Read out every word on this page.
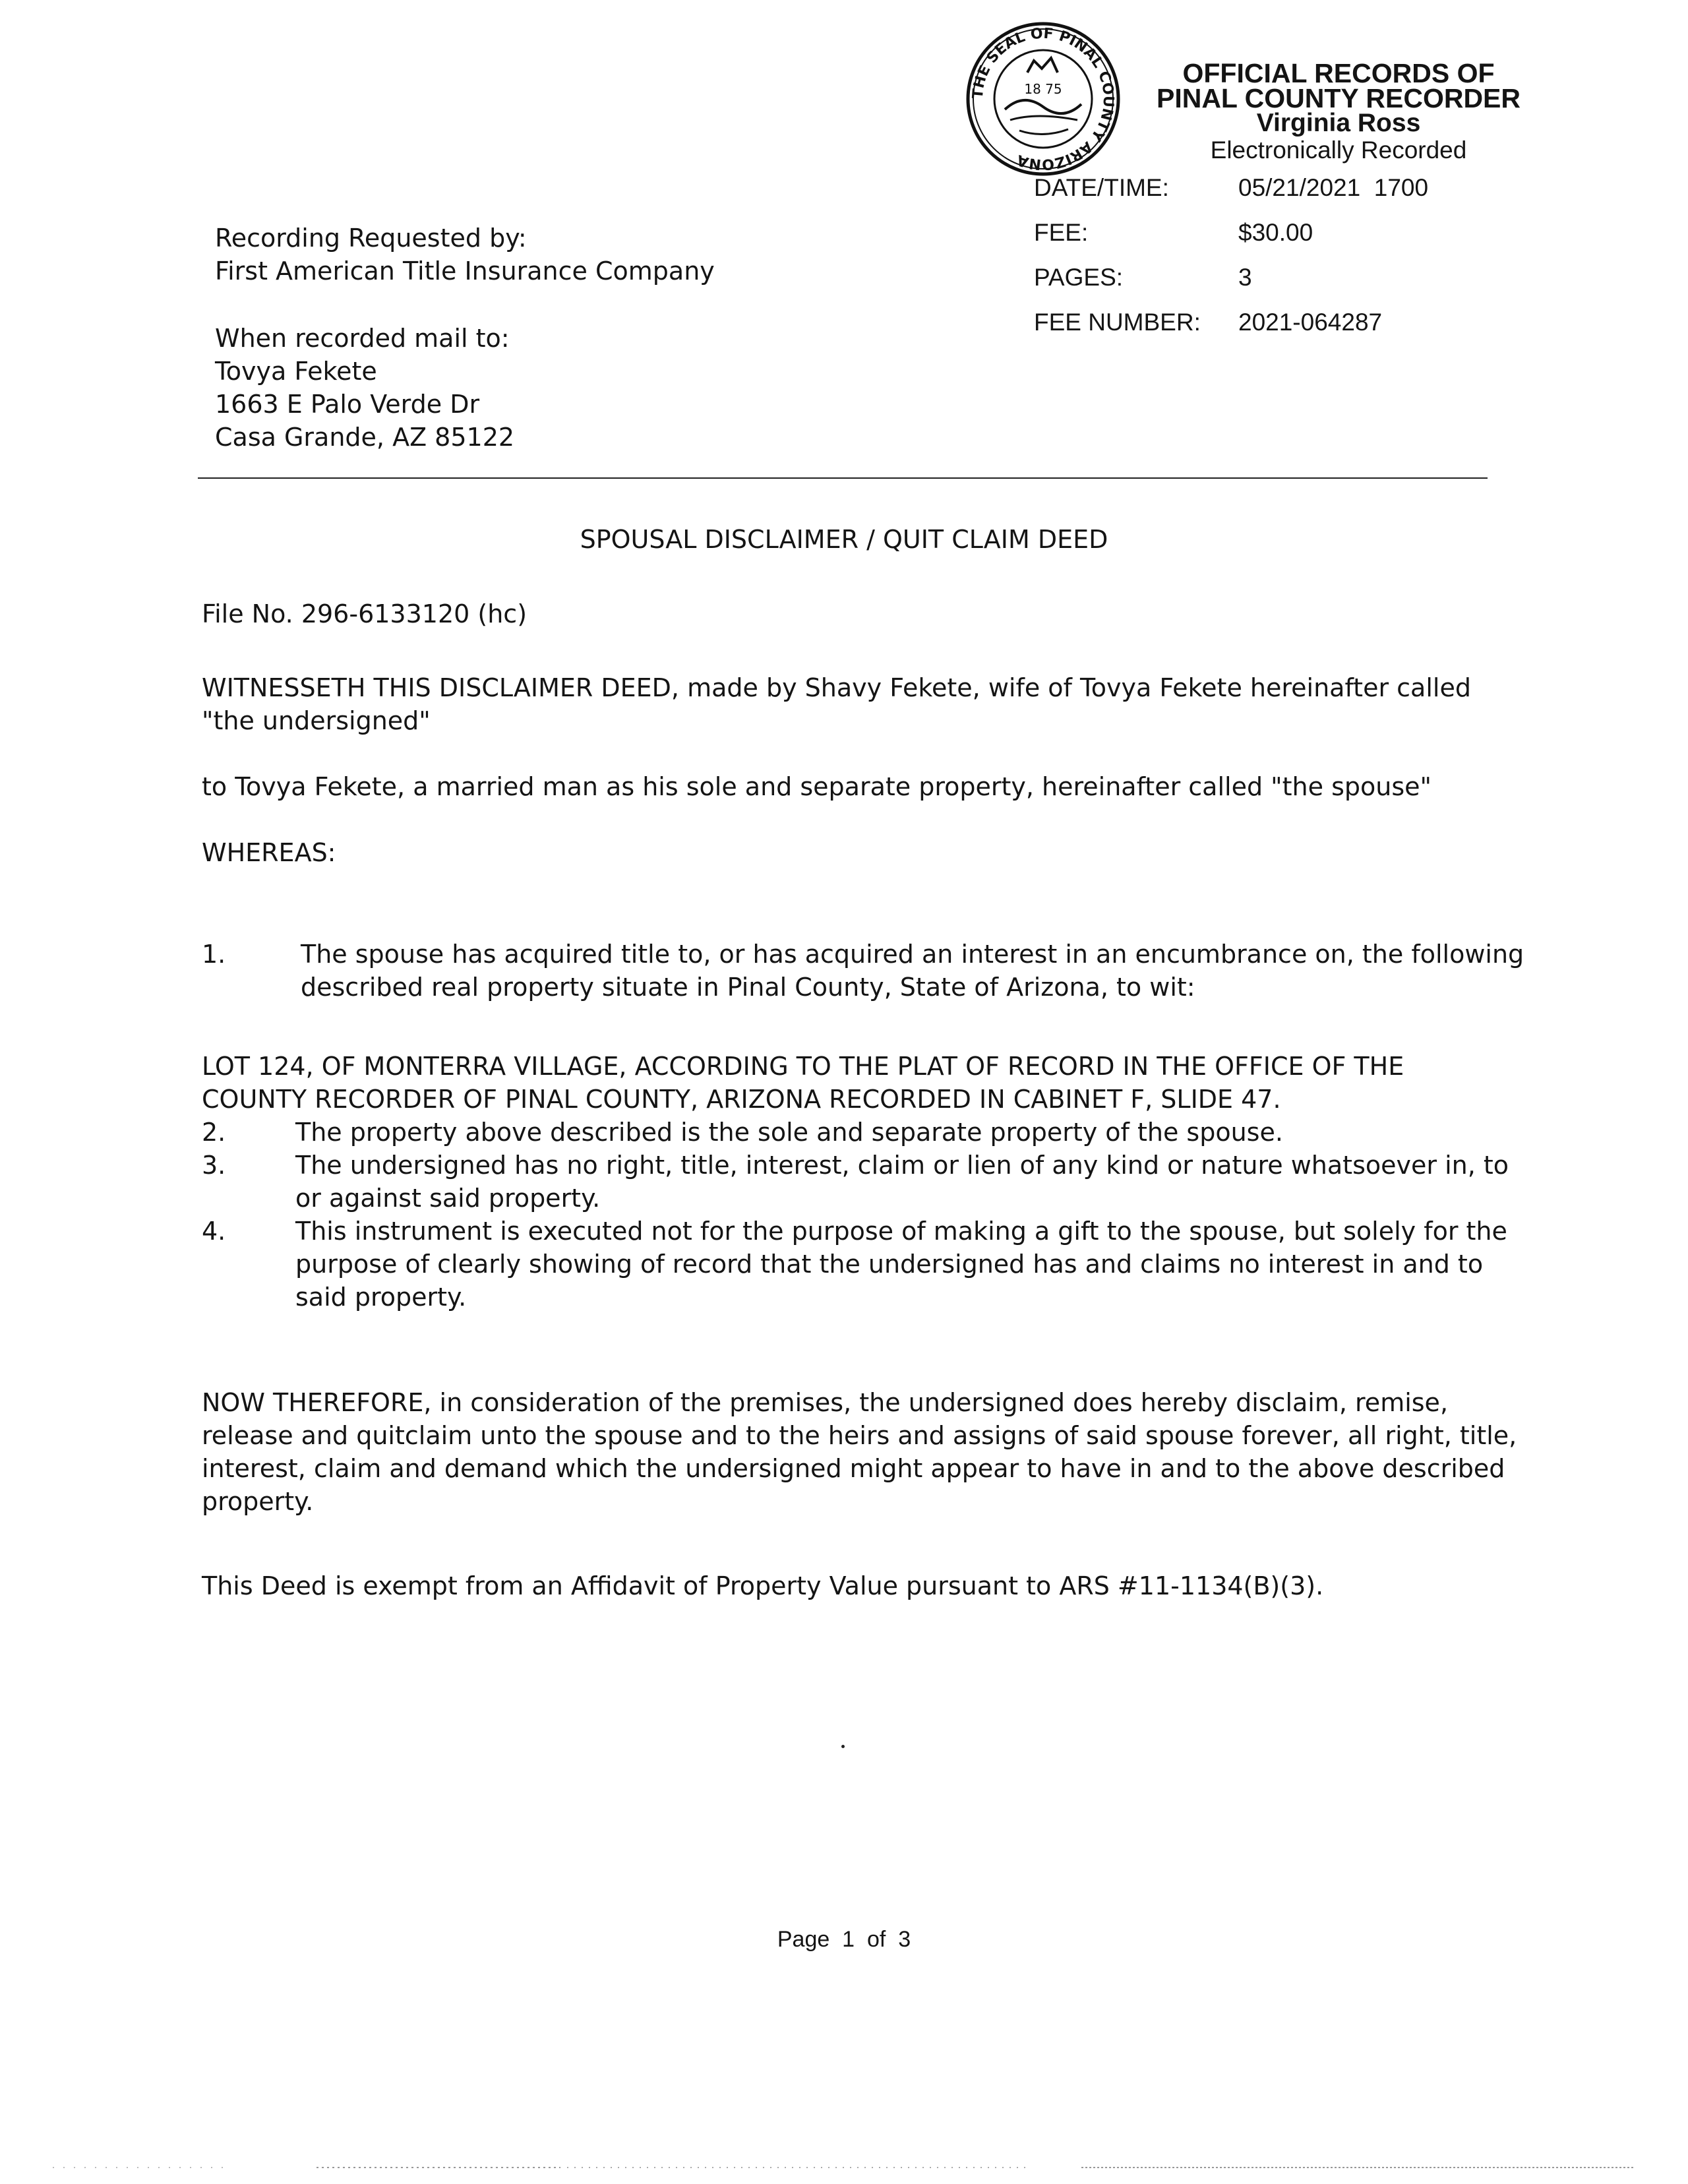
THE SEAL OF PINAL COUNTY ARIZONA
18 75
OFFICIAL RECORDS OF
PINAL COUNTY RECORDER
Virginia Ross
Electronically Recorded
DATE/TIME:	05/21/2021  1700
FEE:	$30.00
PAGES:	3
FEE NUMBER: 2021-064287
Recording Requested by:
First American Title Insurance Company
When recorded mail to:
Tovya Fekete
1663 E Palo Verde Dr
Casa Grande, AZ 85122
SPOUSAL DISCLAIMER / QUIT CLAIM DEED
File No. 296-6133120 (hc)
WITNESSETH THIS DISCLAIMER DEED, made by Shavy Fekete, wife of Tovya Fekete hereinafter called
"the undersigned"
to Tovya Fekete, a married man as his sole and separate property, hereinafter called "the spouse"
WHEREAS:
1.	The spouse has acquired title to, or has acquired an interest in an encumbrance on, the following
described real property situate in Pinal County, State of Arizona, to wit:
LOT 124, OF MONTERRA VILLAGE, ACCORDING TO THE PLAT OF RECORD IN THE OFFICE OF THE
COUNTY RECORDER OF PINAL COUNTY, ARIZONA RECORDED IN CABINET F, SLIDE 47.
2.	The property above described is the sole and separate property of the spouse.
3.	The undersigned has no right, title, interest, claim or lien of any kind or nature whatsoever in, to
or against said property.
4.	This instrument is executed not for the purpose of making a gift to the spouse, but solely for the
purpose of clearly showing of record that the undersigned has and claims no interest in and to
said property.
NOW THEREFORE, in consideration of the premises, the undersigned does hereby disclaim, remise,
release and quitclaim unto the spouse and to the heirs and assigns of said spouse forever, all right, title,
interest, claim and demand which the undersigned might appear to have in and to the above described
property.
This Deed is exempt from an Affidavit of Property Value pursuant to ARS #11-1134(B)(3).
Page  1  of  3
